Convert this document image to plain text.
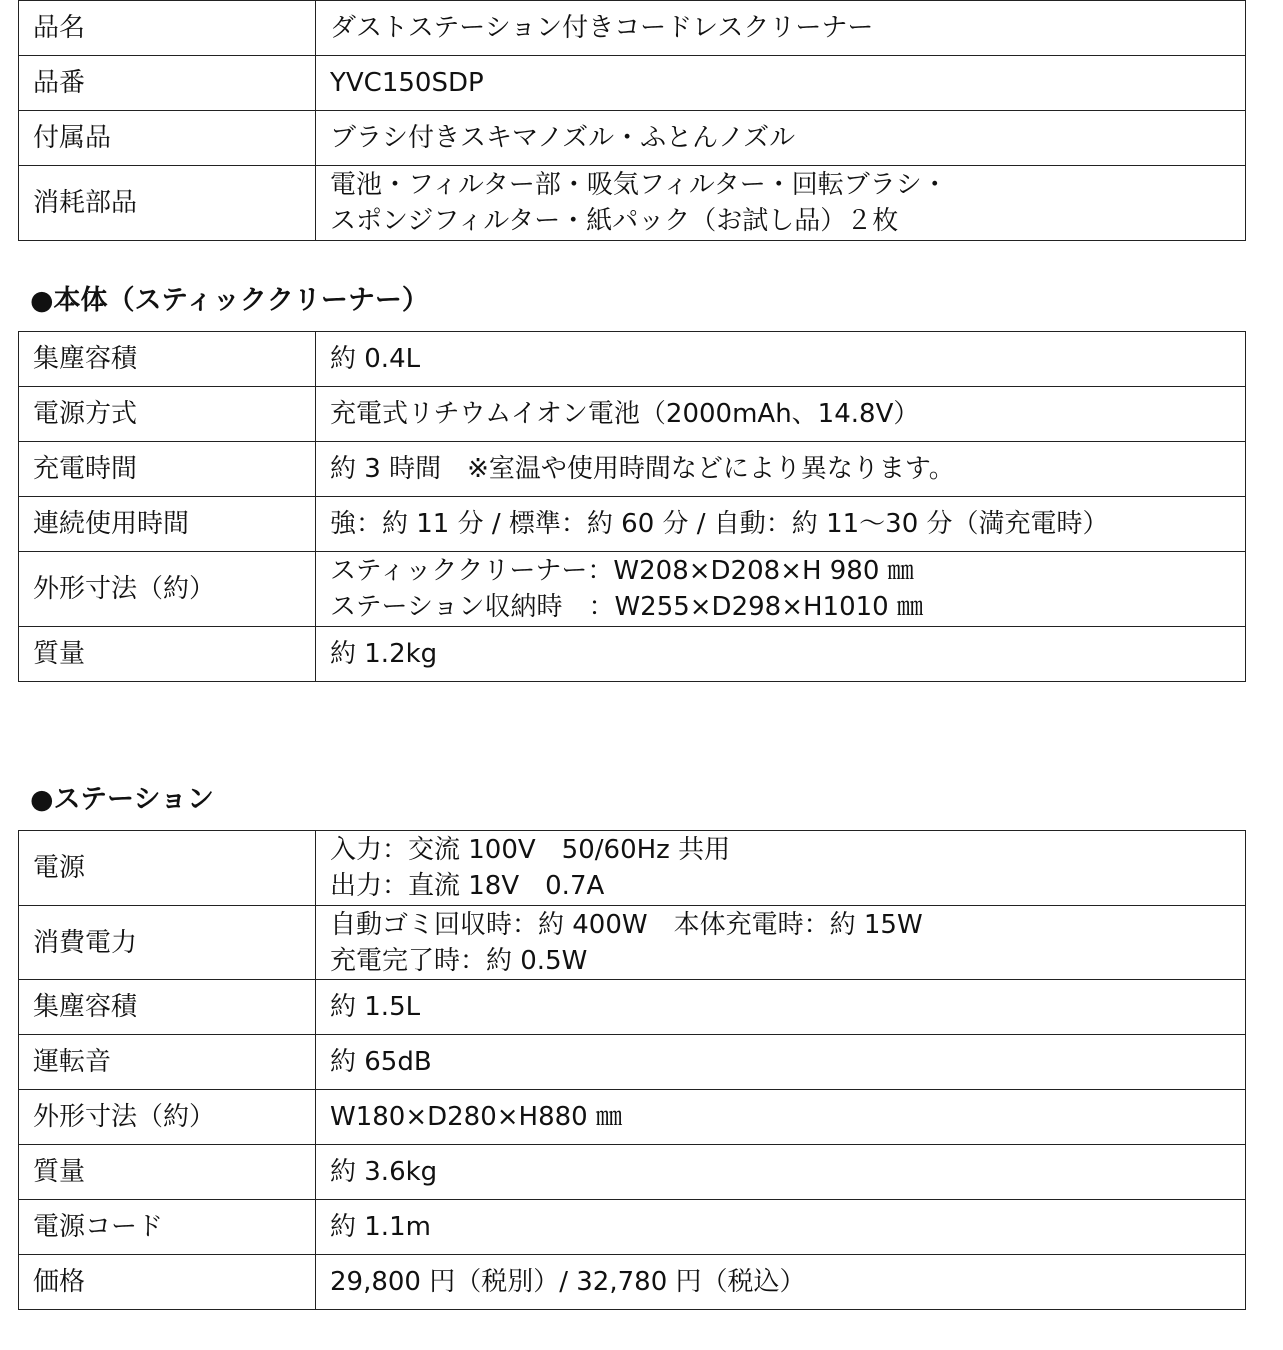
品名	ダストステーション付きコードレスクリーナー

品番	YVC150SDP

付属品	ブラシ付きスキマノズル・ふとんノズル

消耗部品	電池・フィルター部・吸気フィルター・回転ブラシ・
スポンジフィルター・紙パック（お試し品）２枚
●本体（スティッククリーナー）
集塵容積	約 0.4L

電源方式	充電式リチウムイオン電池（2000mAh、14.8V）

充電時間	約 3 時間　※室温や使用時間などにより異なります。

連続使用時間	強：約 11 分 / 標準：約 60 分 / 自動：約 11～30 分（満充電時）

外形寸法（約）	スティッククリーナー：W208×D208×H 980 ㎜
ステーション収納時　：W255×D298×H1010 ㎜

質量	約 1.2kg
●ステーション
電源	入力：交流 100V　50/60Hz 共用
出力：直流 18V　0.7A

消費電力	自動ゴミ回収時：約 400W　本体充電時：約 15W
充電完了時：約 0.5W

集塵容積	約 1.5L

運転音	約 65dB

外形寸法（約）	W180×D280×H880 ㎜

質量	約 3.6kg

電源コード	約 1.1m

価格	29,800 円（税別）/ 32,780 円（税込）
